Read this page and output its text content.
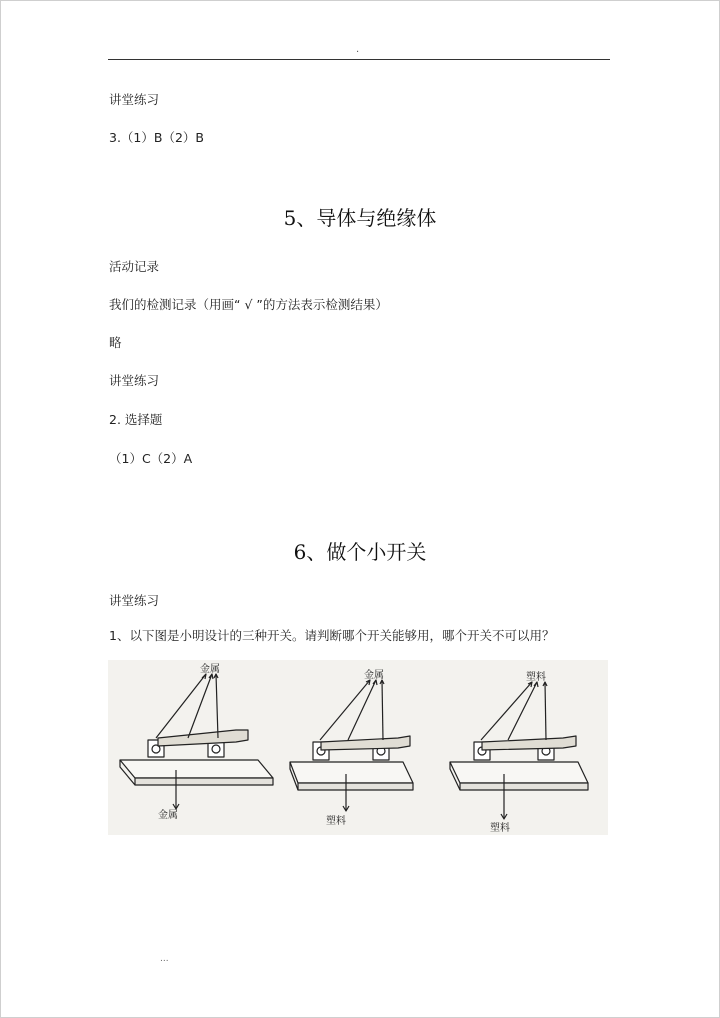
.
讲堂练习
3.（1）B（2）B
5、导体与绝缘体
活动记录
我们的检测记录（用画“ √ ”的方法表示检测结果）
略
讲堂练习
2. 选择题
（1）C（2）A
6、做个小开关
讲堂练习
1、以下图是小明设计的三种开关。请判断哪个开关能够用，哪个开关不可以用？
金属
金属
金属
塑料
塑料
塑料
...
